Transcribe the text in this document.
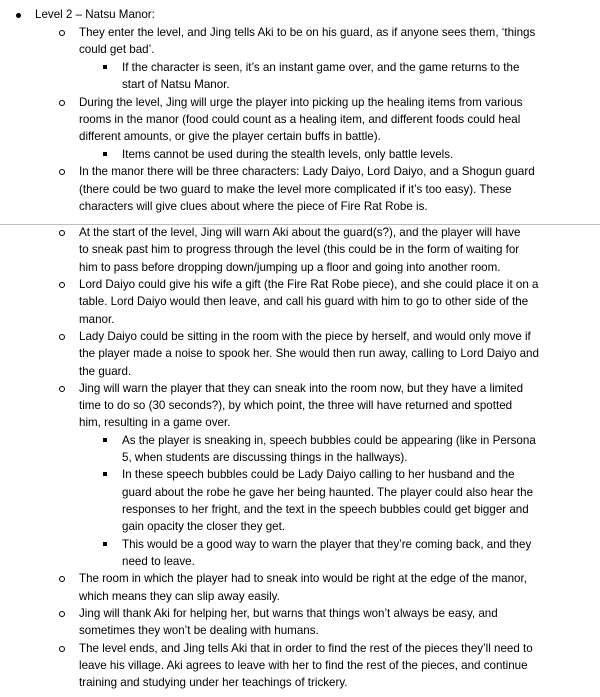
Level 2 – Natsu Manor:
They enter the level, and Jing tells Aki to be on his guard, as if anyone sees them, ‘things
could get bad’.
If the character is seen, it’s an instant game over, and the game returns to the
start of Natsu Manor.
During the level, Jing will urge the player into picking up the healing items from various
rooms in the manor (food could count as a healing item, and different foods could heal
different amounts, or give the player certain buffs in battle).
Items cannot be used during the stealth levels, only battle levels.
In the manor there will be three characters: Lady Daiyo, Lord Daiyo, and a Shogun guard
(there could be two guard to make the level more complicated if it’s too easy). These
characters will give clues about where the piece of Fire Rat Robe is.
At the start of the level, Jing will warn Aki about the guard(s?), and the player will have
to sneak past him to progress through the level (this could be in the form of waiting for
him to pass before dropping down/jumping up a floor and going into another room.
Lord Daiyo could give his wife a gift (the Fire Rat Robe piece), and she could place it on a
table. Lord Daiyo would then leave, and call his guard with him to go to other side of the
manor.
Lady Daiyo could be sitting in the room with the piece by herself, and would only move if
the player made a noise to spook her. She would then run away, calling to Lord Daiyo and
the guard.
Jing will warn the player that they can sneak into the room now, but they have a limited
time to do so (30 seconds?), by which point, the three will have returned and spotted
him, resulting in a game over.
As the player is sneaking in, speech bubbles could be appearing (like in Persona
5, when students are discussing things in the hallways).
In these speech bubbles could be Lady Daiyo calling to her husband and the
guard about the robe he gave her being haunted. The player could also hear the
responses to her fright, and the text in the speech bubbles could get bigger and
gain opacity the closer they get.
This would be a good way to warn the player that they’re coming back, and they
need to leave.
The room in which the player had to sneak into would be right at the edge of the manor,
which means they can slip away easily.
Jing will thank Aki for helping her, but warns that things won’t always be easy, and
sometimes they won’t be dealing with humans.
The level ends, and Jing tells Aki that in order to find the rest of the pieces they’ll need to
leave his village. Aki agrees to leave with her to find the rest of the pieces, and continue
training and studying under her teachings of trickery.
